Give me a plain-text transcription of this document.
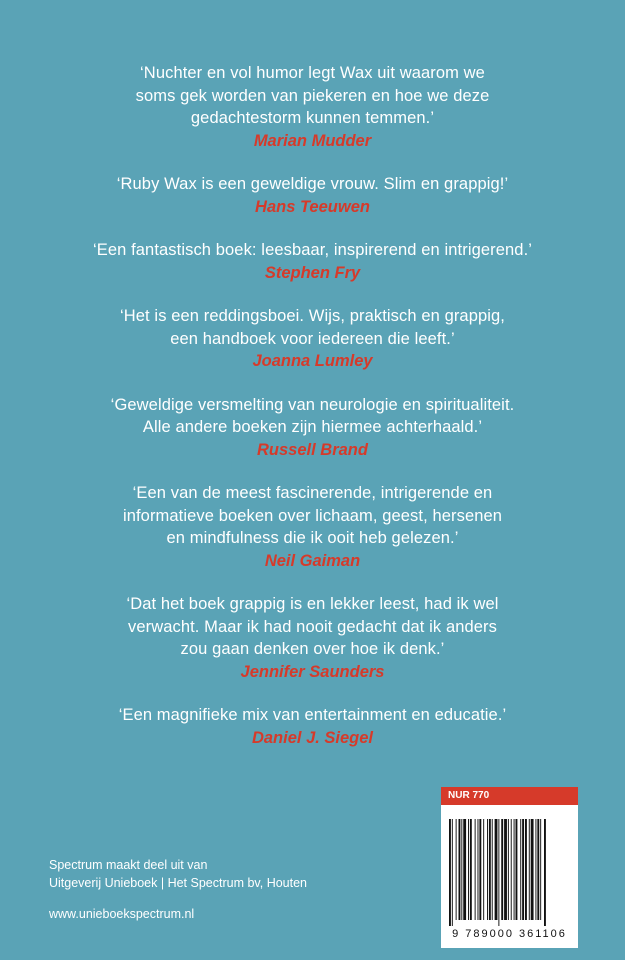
‘Nuchter en vol humor legt Wax uit waarom we
soms gek worden van piekeren en hoe we deze
gedachtestorm kunnen temmen.’
Marian Mudder
‘Ruby Wax is een geweldige vrouw. Slim en grappig!’
Hans Teeuwen
‘Een fantastisch boek: leesbaar, inspirerend en intrigerend.’
Stephen Fry
‘Het is een reddingsboei. Wijs, praktisch en grappig,
een handboek voor iedereen die leeft.’
Joanna Lumley
‘Geweldige versmelting van neurologie en spiritualiteit.
Alle andere boeken zijn hiermee achterhaald.’
Russell Brand
‘Een van de meest fascinerende, intrigerende en
informatieve boeken over lichaam, geest, hersenen
en mindfulness die ik ooit heb gelezen.’
Neil Gaiman
‘Dat het boek grappig is en lekker leest, had ik wel
verwacht. Maar ik had nooit gedacht dat ik anders
zou gaan denken over hoe ik denk.’
Jennifer Saunders
‘Een magnifieke mix van entertainment en educatie.’
Daniel J. Siegel
Spectrum maakt deel uit van
Uitgeverij Unieboek | Het Spectrum bv, Houten
www.unieboekspectrum.nl
NUR 770
9 789000 361106
